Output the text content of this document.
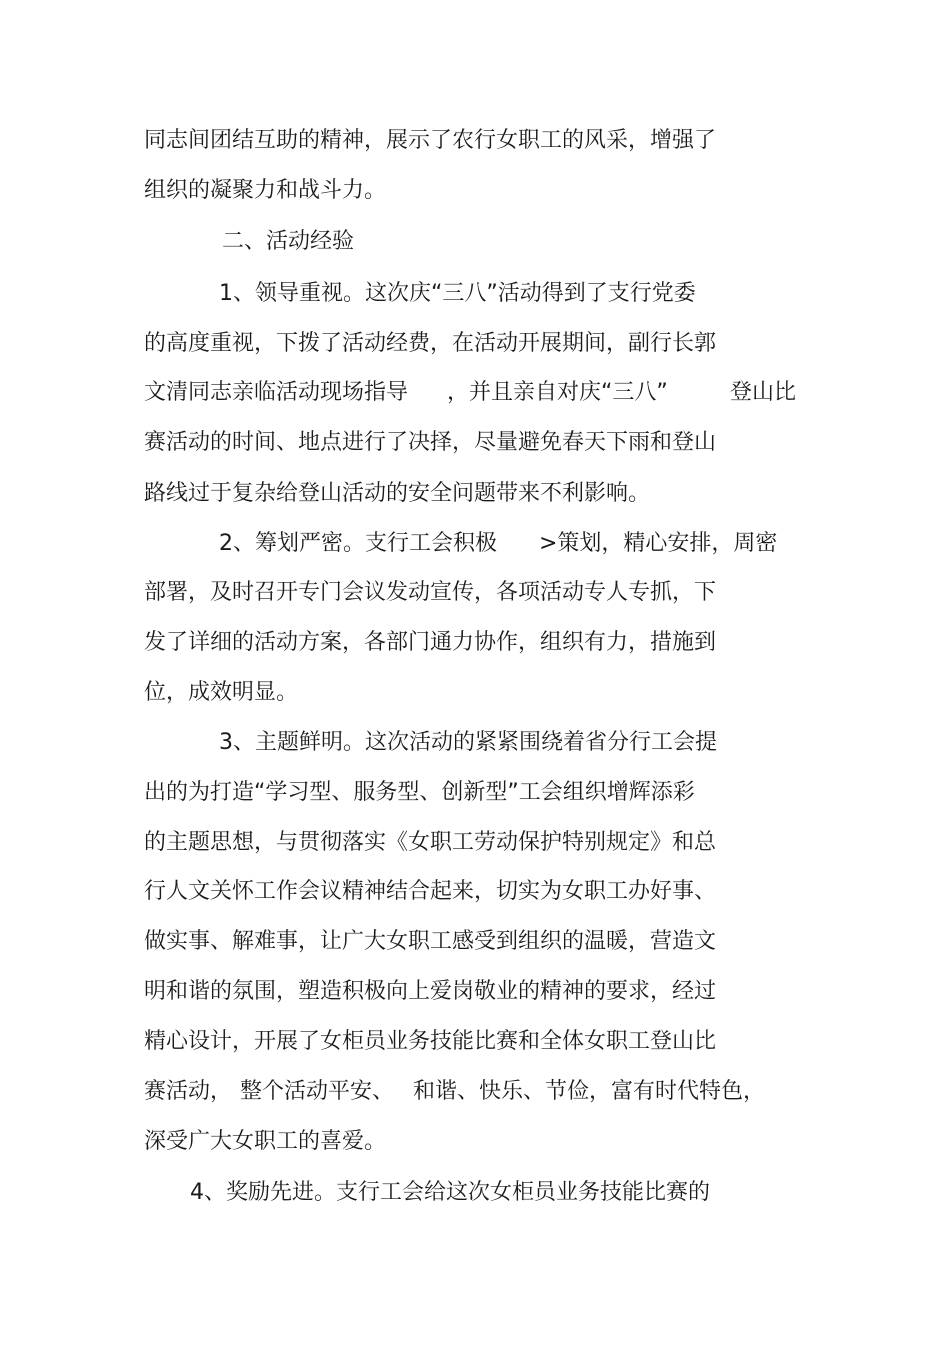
同志间团结互助的精神，展示了农行女职工的风采，增强了
组织的凝聚力和战斗力。
二、活动经验
1、领导重视。这次庆“三八”活动得到了支行党委
的高度重视，下拨了活动经费，在活动开展期间，副行长郭
文清同志亲临活动现场指导 ，并且亲自对庆“三八”	登山比
赛活动的时间、地点进行了决择，尽量避免春天下雨和登山
路线过于复杂给登山活动的安全问题带来不利影响。
2、筹划严密。支行工会积极 >策划，精心安排，周密
部署，及时召开专门会议发动宣传，各项活动专人专抓，下
发了详细的活动方案，各部门通力协作，组织有力，措施到
位，成效明显。
3、主题鲜明。这次活动的紧紧围绕着省分行工会提
出的为打造“学习型、服务型、创新型”工会组织增辉添彩
的主题思想，与贯彻落实《女职工劳动保护特别规定》和总
行人文关怀工作会议精神结合起来，切实为女职工办好事、
做实事、解难事，让广大女职工感受到组织的温暖，营造文
明和谐的氛围，塑造积极向上爱岗敬业的精神的要求，经过
精心设计，开展了女柜员业务技能比赛和全体女职工登山比
赛活动， 整个活动平安、 和谐、快乐、节俭，富有时代特色，
深受广大女职工的喜爱。
4、奖励先进。支行工会给这次女柜员业务技能比赛的
